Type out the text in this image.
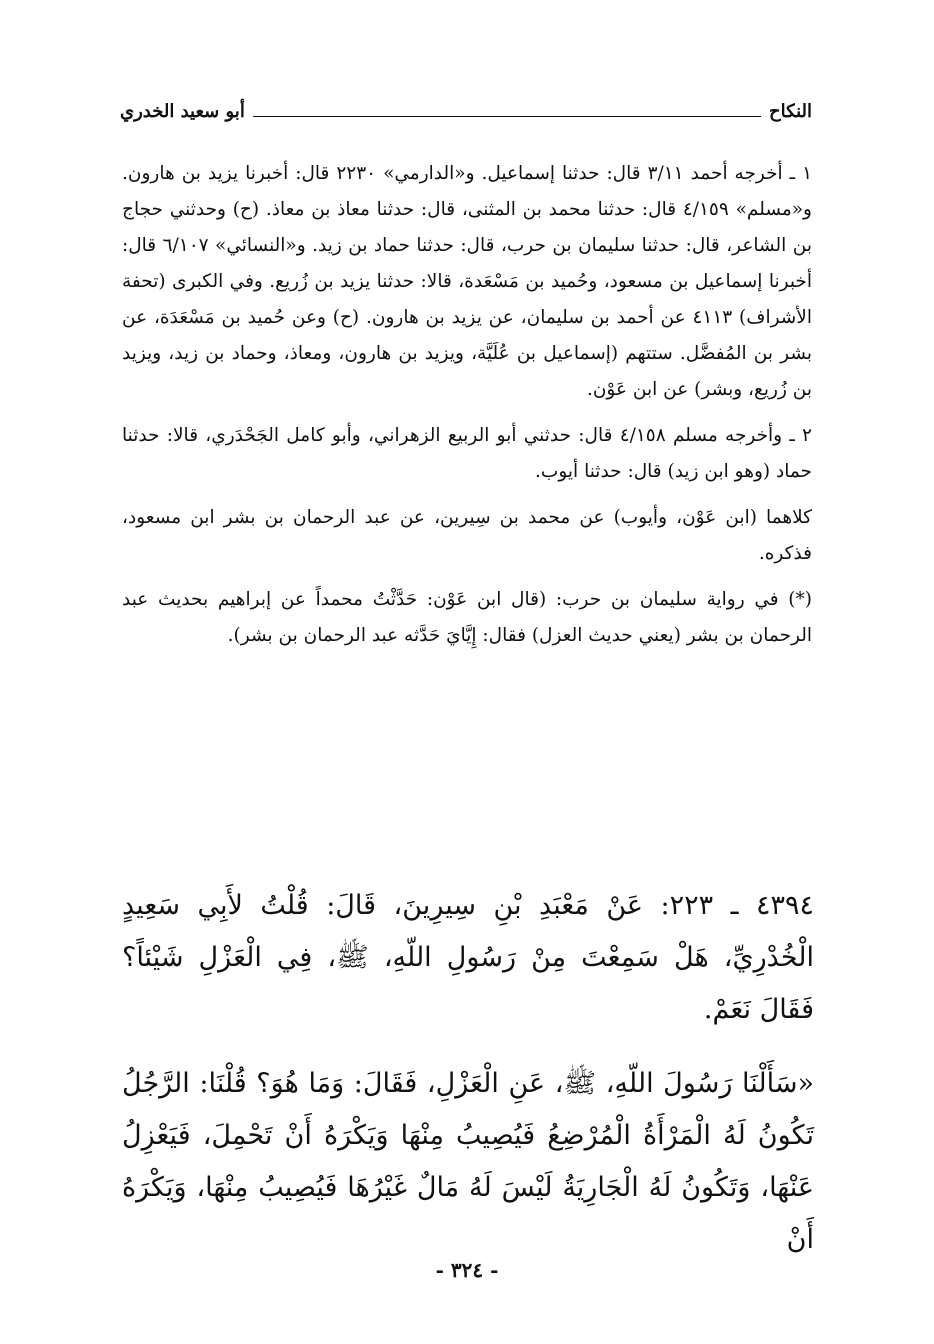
النكاح
أبو سعيد الخدري

١ ـ أخرجه أحمد ٣/١١ قال: حدثنا إسماعيل. و«الدارمي» ٢٢٣٠ قال: أخبرنا يزيد بن هارون. و«مسلم» ٤/١٥٩ قال: حدثنا محمد بن المثنى، قال: حدثنا معاذ بن معاذ. (ح) وحدثني حجاج بن الشاعر، قال: حدثنا سليمان بن حرب، قال: حدثنا حماد بن زيد. و«النسائي» ٦/١٠٧ قال: أخبرنا إسماعيل بن مسعود، وحُميد بن مَسْعَدة، قالا: حدثنا يزيد بن زُريع. وفي الكبرى (تحفة الأشراف) ٤١١٣ عن أحمد بن سليمان، عن يزيد بن هارون. (ح) وعن حُميد بن مَسْعَدَة، عن بشر بن المُفضَّل. ستتهم (إسماعيل بن عُلَيَّة، ويزيد بن هارون، ومعاذ، وحماد بن زيد، ويزيد بن زُريع، وبشر) عن ابن عَوْن.

٢ ـ وأخرجه مسلم ٤/١٥٨ قال: حدثني أبو الربيع الزهراني، وأبو كامل الجَحْدَري، قالا: حدثنا حماد (وهو ابن زيد) قال: حدثنا أيوب.

كلاهما (ابن عَوْن، وأيوب) عن محمد بن سِيرين، عن عبد الرحمان بن بشر ابن مسعود، فذكره.

(*) في رواية سليمان بن حرب: (قال ابن عَوْن: حَدَّثْتُ محمداً عن إبراهيم بحديث عبد الرحمان بن بشر (يعني حديث العزل) فقال: إِيَّايَ حَدَّثه عبد الرحمان بن بشر).

٤٣٩٤ ـ ٢٢٣: عَنْ مَعْبَدِ بْنِ سِيرِينَ، قَالَ: قُلْتُ لأَبِي سَعِيدٍ الْخُدْرِيِّ، هَلْ سَمِعْتَ مِنْ رَسُولِ اللّهِ، ﷺ، فِي الْعَزْلِ شَيْئاً؟ فَقَالَ نَعَمْ.

«سَأَلْنَا رَسُولَ اللّهِ، ﷺ، عَنِ الْعَزْلِ، فَقَالَ: وَمَا هُوَ؟ قُلْنَا: الرَّجُلُ تَكُونُ لَهُ الْمَرْأَةُ الْمُرْضِعُ فَيُصِيبُ مِنْهَا وَيَكْرَهُ أَنْ تَحْمِلَ، فَيَعْزِلُ عَنْهَا، وَتَكُونُ لَهُ الْجَارِيَةُ لَيْسَ لَهُ مَالٌ غَيْرُهَا فَيُصِيبُ مِنْهَا، وَيَكْرَهُ أَنْ

- ٣٢٤ -
